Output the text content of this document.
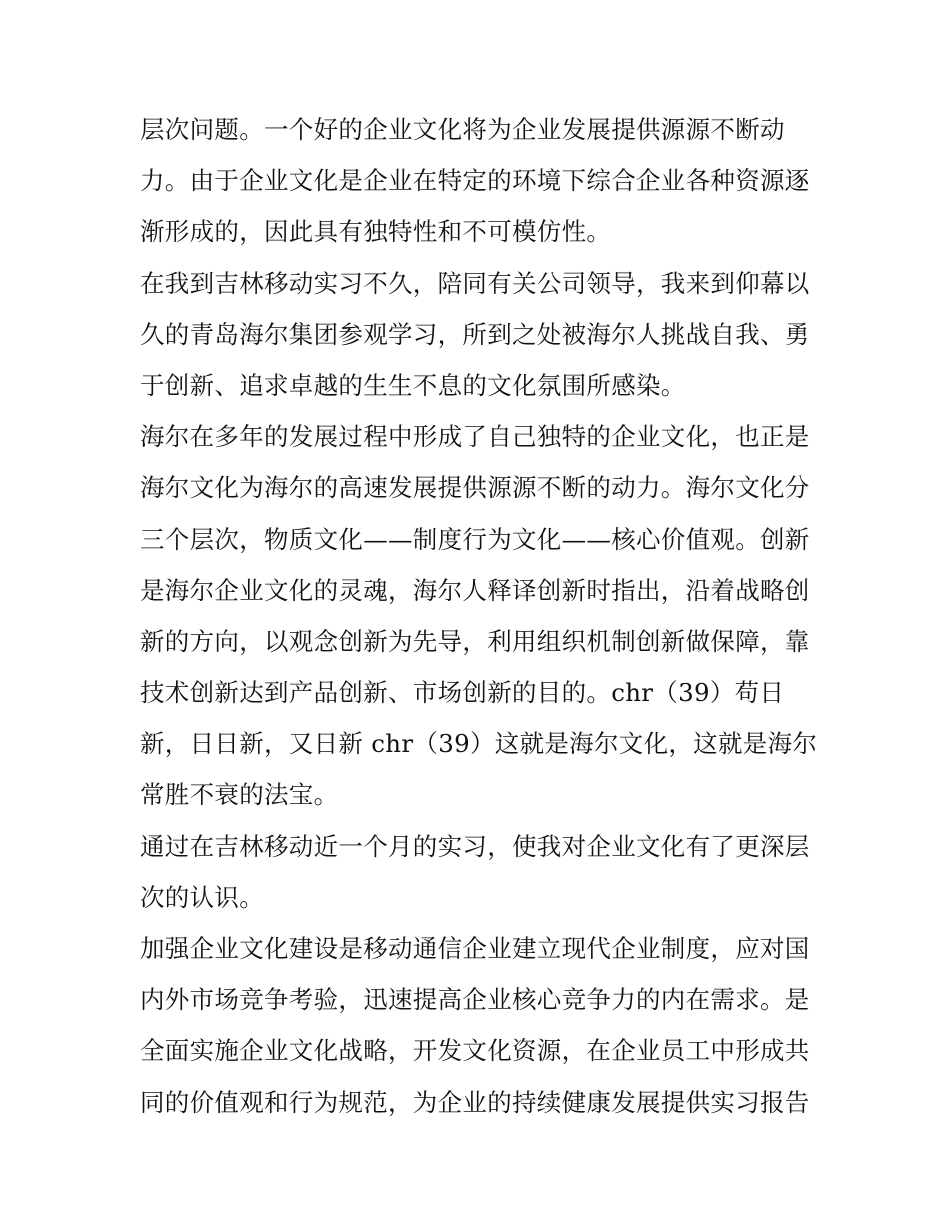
层次问题。一个好的企业文化将为企业发展提供源源不断动
力。由于企业文化是企业在特定的环境下综合企业各种资源逐
渐形成的，因此具有独特性和不可模仿性。
在我到吉林移动实习不久，陪同有关公司领导，我来到仰幕以
久的青岛海尔集团参观学习，所到之处被海尔人挑战自我、勇
于创新、追求卓越的生生不息的文化氛围所感染。
海尔在多年的发展过程中形成了自己独特的企业文化，也正是
海尔文化为海尔的高速发展提供源源不断的动力。海尔文化分
三个层次，物质文化——制度行为文化——核心价值观。创新
是海尔企业文化的灵魂，海尔人释译创新时指出，沿着战略创
新的方向，以观念创新为先导，利用组织机制创新做保障，靠
技术创新达到产品创新、市场创新的目的。chr（39）苟日
新，日日新，又日新 chr（39）这就是海尔文化，这就是海尔
常胜不衰的法宝。
通过在吉林移动近一个月的实习，使我对企业文化有了更深层
次的认识。
加强企业文化建设是移动通信企业建立现代企业制度，应对国
内外市场竞争考验，迅速提高企业核心竞争力的内在需求。是
全面实施企业文化战略，开发文化资源，在企业员工中形成共
同的价值观和行为规范，为企业的持续健康发展提供实习报告
